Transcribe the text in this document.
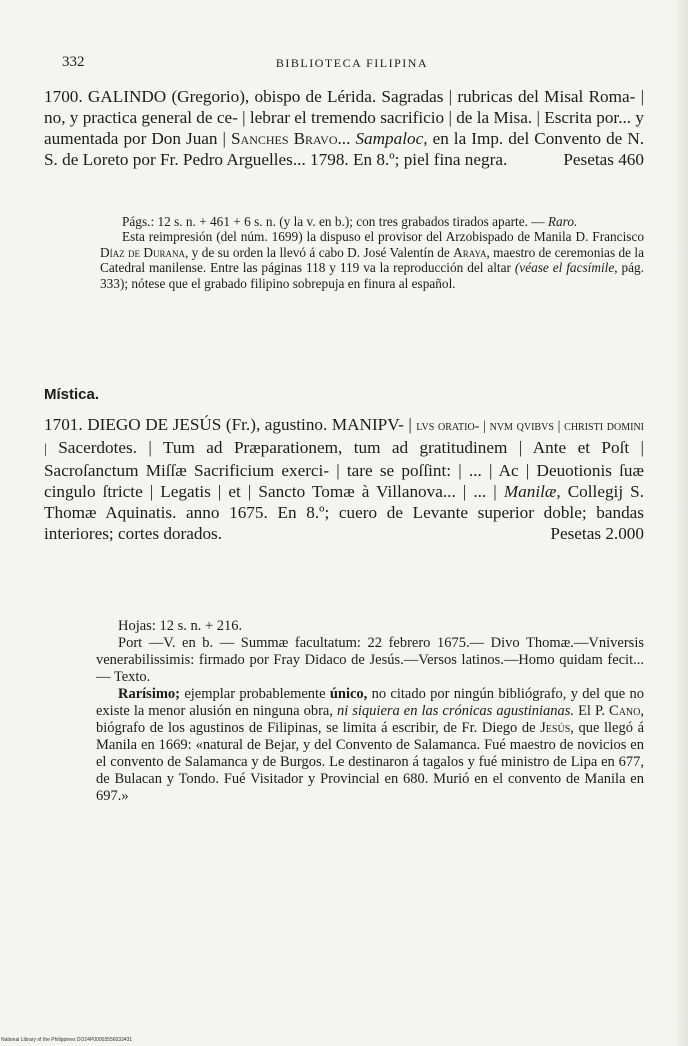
332	BIBLIOTECA FILIPINA

1700. GALINDO (Gregorio), obispo de Lérida. Sagradas | rubricas del Misal Roma- | no, y practica general de ce- | lebrar el tremendo sacrificio | de la Misa. | Escrita por... y aumentada por Don Juan | Sanches Bravo... Sampaloc, en la Imp. del Convento de N. S. de Loreto por Fr. Pedro Arguelles... 1798. En 8.º; piel fina negra.	Pesetas 460

Págs.: 12 s. n. + 461 + 6 s. n. (y la v. en b.); con tres grabados tirados aparte. — Raro.

Esta reimpresión (del núm. 1699) la dispuso el provisor del Arzobispado de Manila D. Francisco Díaz de Durana, y de su orden la llevó á cabo D. José Valentín de Araya, maestro de ceremonias de la Catedral manilense. Entre las páginas 118 y 119 va la reproducción del altar (véase el facsímile, pág. 333); nótese que el grabado filipino sobrepuja en finura al español.

Mística.

1701. DIEGO DE JESÚS (Fr.), agustino. MANIPV- | lvs oratio- | nvm qvibvs | christi domini | Sacerdotes. | Tum ad Præparationem, tum ad gratitudinem | Ante et Poſt | Sacroſanctum Miſſæ Sacrificium exerci- | tare se poſſint: | ... | Ac | Deuotionis ſuæ cingulo ſtricte | Legatis | et | Sancto Tomæ à Villanova... | ... | Manilæ, Collegij S. Thomæ Aquinatis. anno 1675. En 8.º; cuero de Levante superior doble; bandas interiores; cortes dorados.	Pesetas 2.000

Hojas: 12 s. n. + 216.

Port —V. en b. — Summæ facultatum: 22 febrero 1675.— Divo Thomæ.—Vniversis venerabilissimis: firmado por Fray Didaco de Jesús.—Versos latinos.—Homo quidam fecit...— Texto.

Rarísimo; ejemplar probablemente único, no citado por ningún bibliógrafo, y del que no existe la menor alusión en ninguna obra, ni siquiera en las crónicas agustinianas. El P. Cano, biógrafo de los agustinos de Filipinas, se limita á escribir, de Fr. Diego de Jesús, que llegó á Manila en 1669: «natural de Bejar, y del Convento de Salamanca. Fué maestro de novicios en el convento de Salamanca y de Burgos. Le destinaron á tagalos y fué ministro de Lipa en 677, de Bulacan y Tondo. Fué Visitador y Provincial en 680. Murió en el convento de Manila en 697.»

National Library of the Philippines DO24P00003556033431
